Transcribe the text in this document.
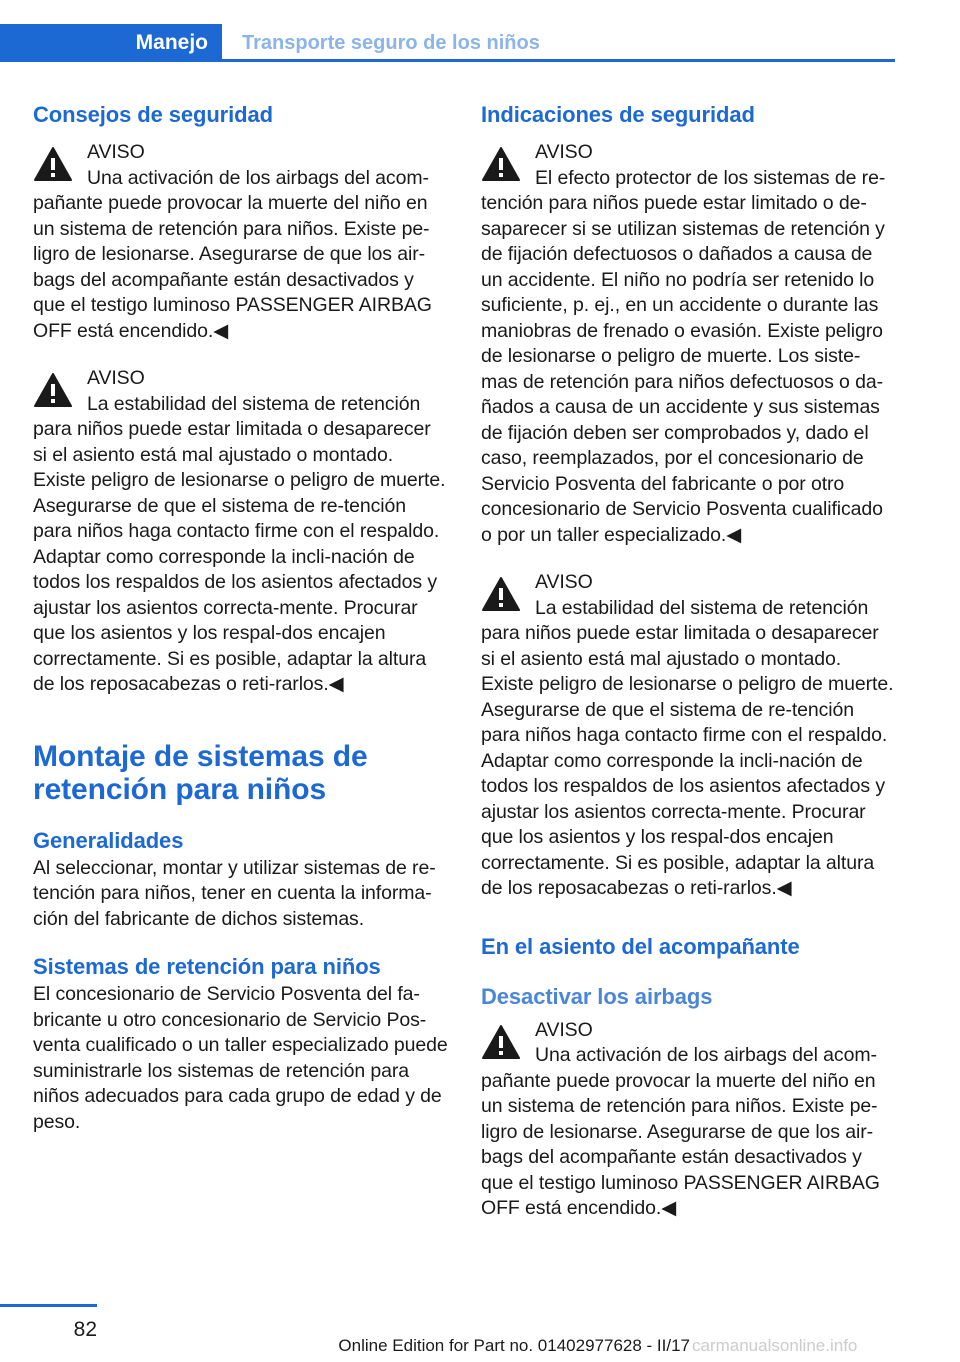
Manejo	Transporte seguro de los niños
Consejos de seguridad
AVISO
Una activación de los airbags del acom‐pañante puede provocar la muerte del niño en un sistema de retención para niños. Existe pe‐ligro de lesionarse. Asegurarse de que los air‐bags del acompañante están desactivados y que el testigo luminoso PASSENGER AIRBAG OFF está encendido.◀
AVISO
La estabilidad del sistema de retención para niños puede estar limitada o desaparecer si el asiento está mal ajustado o montado. Existe peligro de lesionarse o peligro de muerte. Asegurarse de que el sistema de re‐tención para niños haga contacto firme con el respaldo. Adaptar como corresponde la incli‐nación de todos los respaldos de los asientos afectados y ajustar los asientos correcta‐mente. Procurar que los asientos y los respal‐dos encajen correctamente. Si es posible, adaptar la altura de los reposacabezas o reti‐rarlos.◀
Montaje de sistemas de retención para niños
Generalidades

Al seleccionar, montar y utilizar sistemas de re‐tención para niños, tener en cuenta la informa‐ción del fabricante de dichos sistemas.

Sistemas de retención para niños

El concesionario de Servicio Posventa del fa‐bricante u otro concesionario de Servicio Pos‐venta cualificado o un taller especializado puede suministrarle los sistemas de retención para niños adecuados para cada grupo de edad y de peso.

Indicaciones de seguridad
AVISO
El efecto protector de los sistemas de re‐tención para niños puede estar limitado o de‐saparecer si se utilizan sistemas de retención y de fijación defectuosos o dañados a causa de un accidente. El niño no podría ser retenido lo suficiente, p. ej., en un accidente o durante las maniobras de frenado o evasión. Existe peligro de lesionarse o peligro de muerte. Los siste‐mas de retención para niños defectuosos o da‐ñados a causa de un accidente y sus sistemas de fijación deben ser comprobados y, dado el caso, reemplazados, por el concesionario de Servicio Posventa del fabricante o por otro concesionario de Servicio Posventa cualificado o por un taller especializado.◀
AVISO
La estabilidad del sistema de retención para niños puede estar limitada o desaparecer si el asiento está mal ajustado o montado. Existe peligro de lesionarse o peligro de muerte. Asegurarse de que el sistema de re‐tención para niños haga contacto firme con el respaldo. Adaptar como corresponde la incli‐nación de todos los respaldos de los asientos afectados y ajustar los asientos correcta‐mente. Procurar que los asientos y los respal‐dos encajen correctamente. Si es posible, adaptar la altura de los reposacabezas o reti‐rarlos.◀
En el asiento del acompañante
Desactivar los airbags
AVISO
Una activación de los airbags del acom‐pañante puede provocar la muerte del niño en un sistema de retención para niños. Existe pe‐ligro de lesionarse. Asegurarse de que los air‐bags del acompañante están desactivados y que el testigo luminoso PASSENGER AIRBAG OFF está encendido.◀
82
Online Edition for Part no. 01402977628 - II/17 carmanualsonline.info
